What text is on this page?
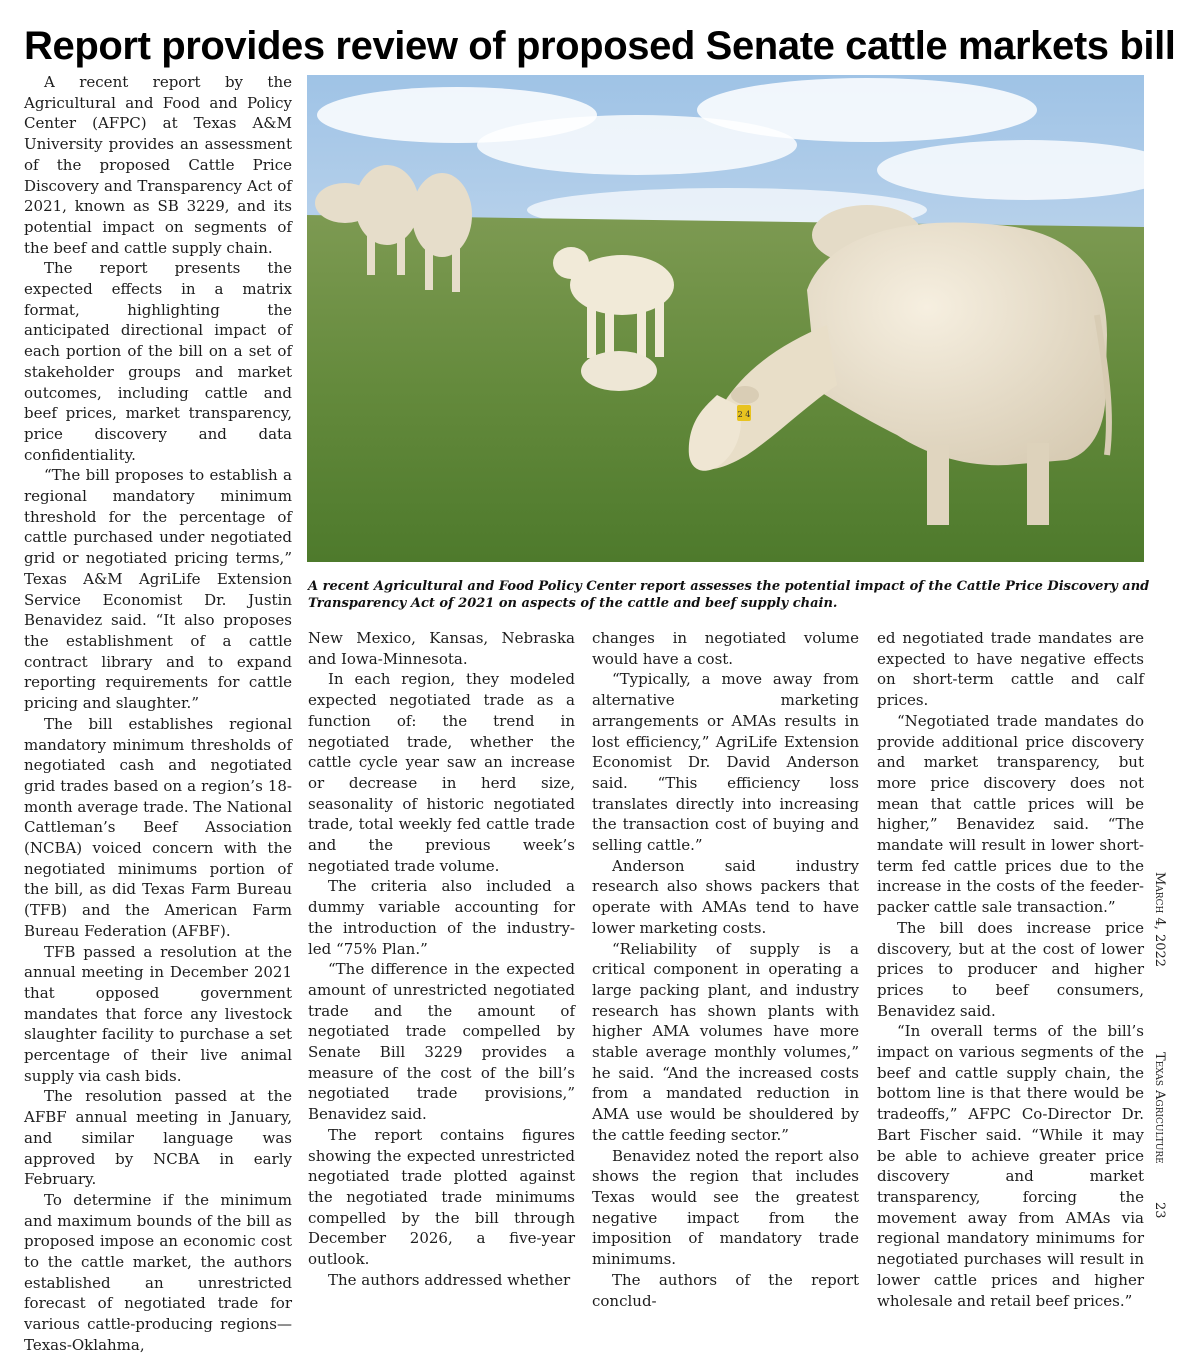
Report provides review of proposed Senate cattle markets bill

A recent report by the Agricultural and Food and Policy Center (AFPC) at Texas A&M University provides an assessment of the proposed Cattle Price Discovery and Transparency Act of 2021, known as SB 3229, and its potential impact on segments of the beef and cattle supply chain.

The report presents the expected effects in a matrix format, highlighting the anticipated directional impact of each portion of the bill on a set of stakeholder groups and market outcomes, including cattle and beef prices, market transparency, price discovery and data confidentiality.

“The bill proposes to establish a regional mandatory minimum threshold for the percentage of cattle purchased under negotiated grid or negotiated pricing terms,” Texas A&M AgriLife Extension Service Economist Dr. Justin Benavidez said. “It also proposes the establishment of a cattle contract library and to expand reporting requirements for cattle pricing and slaughter.”

The bill establishes regional mandatory minimum thresholds of negotiated cash and negotiated grid trades based on a region’s 18-month average trade. The National Cattleman’s Beef Association (NCBA) voiced concern with the negotiated minimums portion of the bill, as did Texas Farm Bureau (TFB) and the American Farm Bureau Federation (AFBF).

TFB passed a resolution at the annual meeting in December 2021 that opposed government mandates that force any livestock slaughter facility to purchase a set percentage of their live animal supply via cash bids.

The resolution passed at the AFBF annual meeting in January, and similar language was approved by NCBA in early February.

To determine if the minimum and maximum bounds of the bill as proposed impose an economic cost to the cattle market, the authors established an unrestricted forecast of negotiated trade for various cattle-producing regions—Texas-Oklahma,

2 4

A recent Agricultural and Food Policy Center report assesses the potential impact of the Cattle Price Discovery and Transparency Act of 2021 on aspects of the cattle and beef supply chain.

New Mexico, Kansas, Nebraska and Iowa-Minnesota.

In each region, they modeled expected negotiated trade as a function of: the trend in negotiated trade, whether the cattle cycle year saw an increase or decrease in herd size, seasonality of historic negotiated trade, total weekly fed cattle trade and the previous week’s negotiated trade volume.

The criteria also included a dummy variable accounting for the introduction of the industry-led “75% Plan.”

“The difference in the expected amount of unrestricted negotiated trade and the amount of negotiated trade compelled by Senate Bill 3229 provides a measure of the cost of the bill’s negotiated trade provisions,” Benavidez said.

The report contains figures showing the expected unrestricted negotiated trade plotted against the negotiated trade minimums compelled by the bill through December 2026, a five-year outlook.

The authors addressed whether

changes in negotiated volume would have a cost.

“Typically, a move away from alternative marketing arrangements or AMAs results in lost efficiency,” AgriLife Extension Economist Dr. David Anderson said. “This efficiency loss translates directly into increasing the transaction cost of buying and selling cattle.”

Anderson said industry research also shows packers that operate with AMAs tend to have lower marketing costs.

“Reliability of supply is a critical component in operating a large packing plant, and industry research has shown plants with higher AMA volumes have more stable average monthly volumes,” he said. “And the increased costs from a mandated reduction in AMA use would be shouldered by the cattle feeding sector.”

Benavidez noted the report also shows the region that includes Texas would see the greatest negative impact from the imposition of mandatory trade minimums.

The authors of the report conclud-

ed negotiated trade mandates are expected to have negative effects on short-term cattle and calf prices.

“Negotiated trade mandates do provide additional price discovery and market transparency, but more price discovery does not mean that cattle prices will be higher,” Benavidez said. “The mandate will result in lower short-term fed cattle prices due to the increase in the costs of the feeder-packer cattle sale transaction.”

The bill does increase price discovery, but at the cost of lower prices to producer and higher prices to beef consumers, Benavidez said.

“In overall terms of the bill’s impact on various segments of the beef and cattle supply chain, the bottom line is that there would be tradeoffs,” AFPC Co-Director Dr. Bart Fischer said. “While it may be able to achieve greater price discovery and market transparency, forcing the movement away from AMAs via regional mandatory minimums for negotiated purchases will result in lower cattle prices and higher wholesale and retail beef prices.”

March 4, 2022
Texas Agriculture
23
